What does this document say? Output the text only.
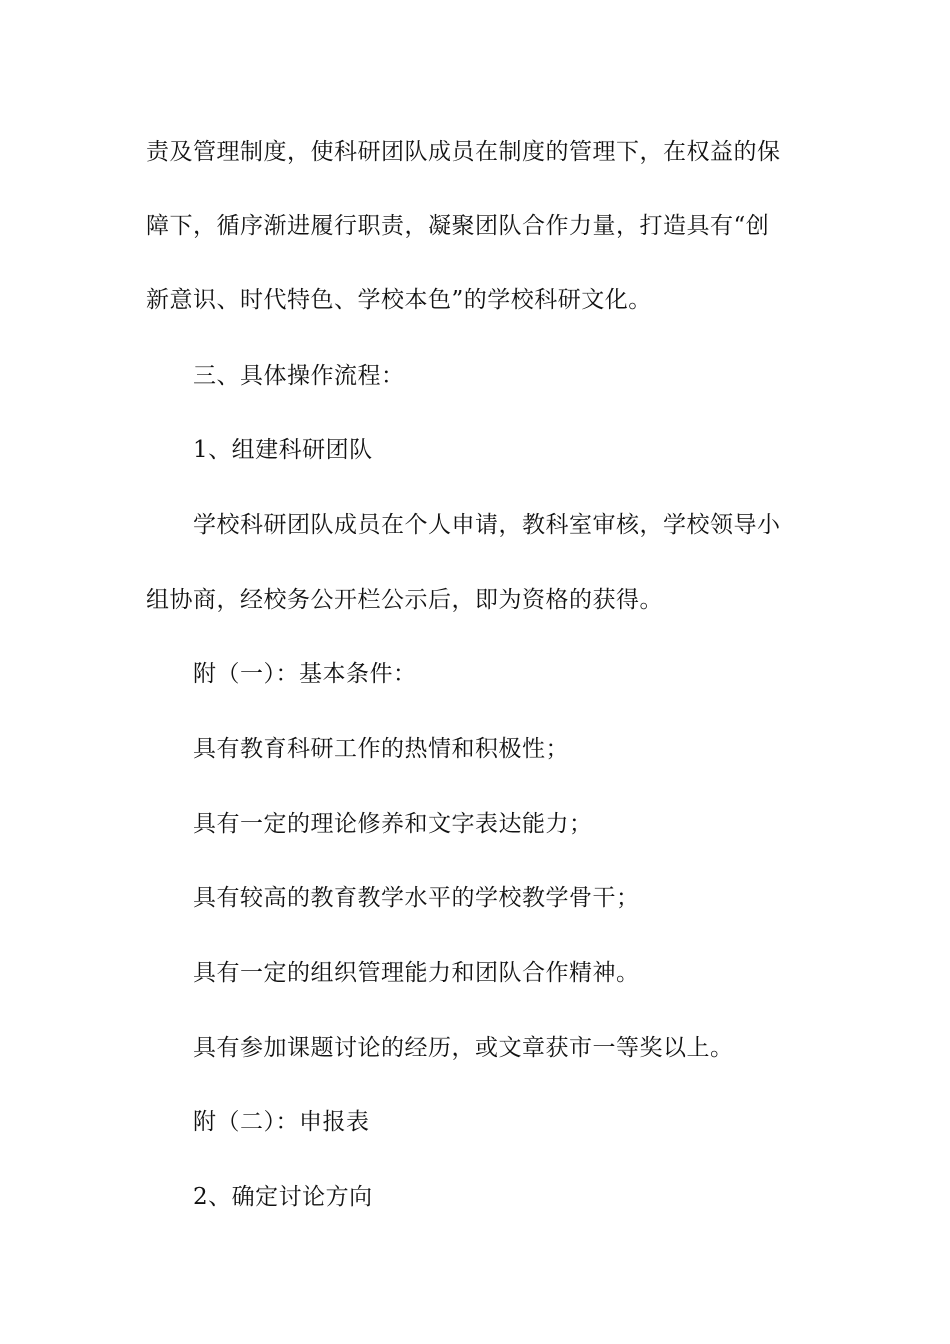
责及管理制度，使科研团队成员在制度的管理下，在权益的保
障下，循序渐进履行职责，凝聚团队合作力量，打造具有“创
新意识、时代特色、学校本色”的学校科研文化。
三、具体操作流程：
1、组建科研团队
学校科研团队成员在个人申请，教科室审核，学校领导小
组协商，经校务公开栏公示后，即为资格的获得。
附（一）：基本条件：
具有教育科研工作的热情和积极性；
具有一定的理论修养和文字表达能力；
具有较高的教育教学水平的学校教学骨干；
具有一定的组织管理能力和团队合作精神。
具有参加课题讨论的经历，或文章获市一等奖以上。
附（二）：申报表
2、确定讨论方向
